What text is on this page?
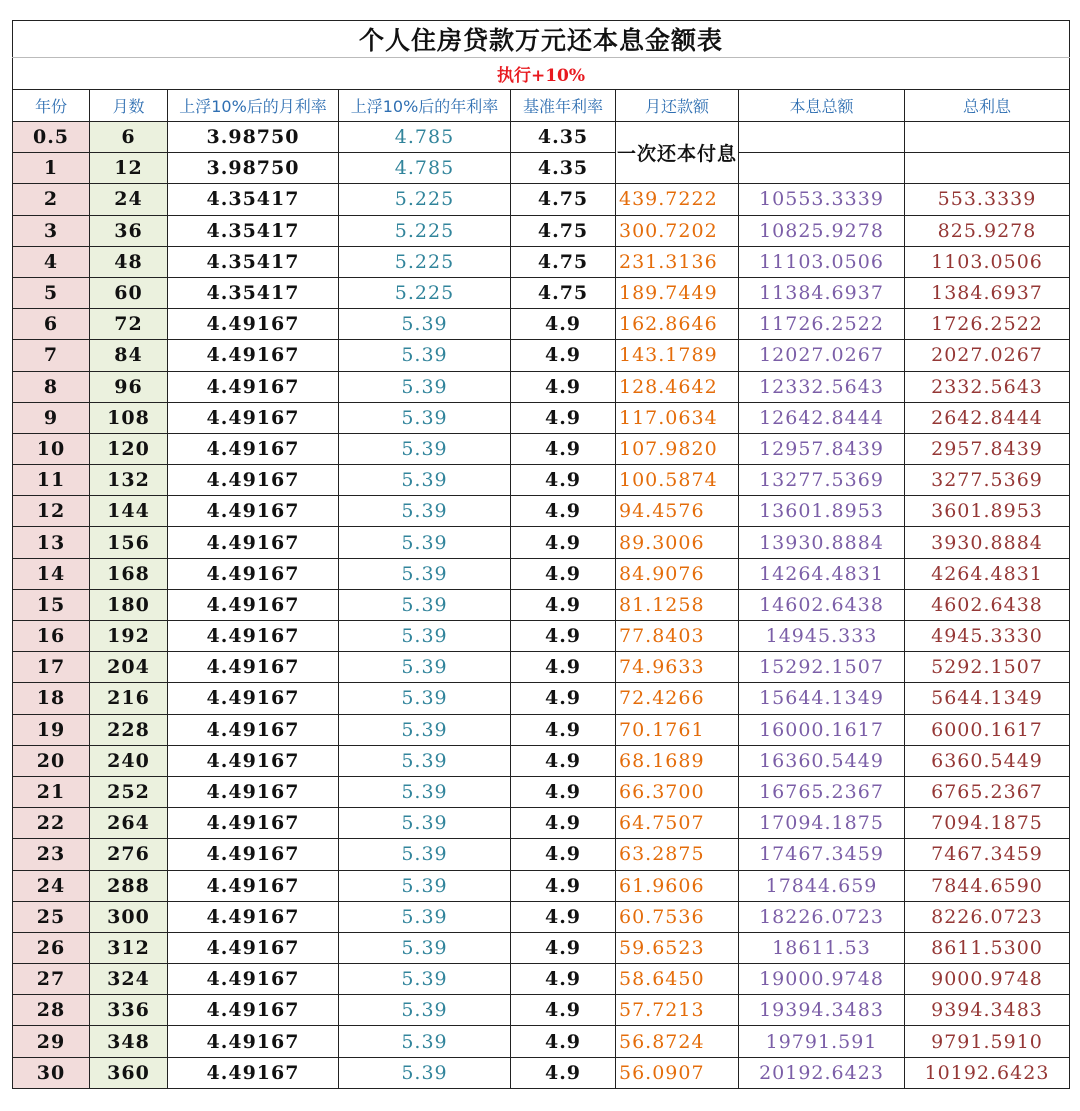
个人住房贷款万元还本息金额表							
执行+10%							
年份	月数	上浮10%后的月利率	上浮10%后的年利率	基准年利率	月还款额	本息总额	总利息
0.5	6	3.98750	4.785	4.35	一次还本付息		
1	12	3.98750	4.785	4.35			
2	24	4.35417	5.225	4.75	439.7222	10553.3339	553.3339
3	36	4.35417	5.225	4.75	300.7202	10825.9278	825.9278
4	48	4.35417	5.225	4.75	231.3136	11103.0506	1103.0506
5	60	4.35417	5.225	4.75	189.7449	11384.6937	1384.6937
6	72	4.49167	5.39	4.9	162.8646	11726.2522	1726.2522
7	84	4.49167	5.39	4.9	143.1789	12027.0267	2027.0267
8	96	4.49167	5.39	4.9	128.4642	12332.5643	2332.5643
9	108	4.49167	5.39	4.9	117.0634	12642.8444	2642.8444
10	120	4.49167	5.39	4.9	107.9820	12957.8439	2957.8439
11	132	4.49167	5.39	4.9	100.5874	13277.5369	3277.5369
12	144	4.49167	5.39	4.9	94.4576	13601.8953	3601.8953
13	156	4.49167	5.39	4.9	89.3006	13930.8884	3930.8884
14	168	4.49167	5.39	4.9	84.9076	14264.4831	4264.4831
15	180	4.49167	5.39	4.9	81.1258	14602.6438	4602.6438
16	192	4.49167	5.39	4.9	77.8403	14945.333	4945.3330
17	204	4.49167	5.39	4.9	74.9633	15292.1507	5292.1507
18	216	4.49167	5.39	4.9	72.4266	15644.1349	5644.1349
19	228	4.49167	5.39	4.9	70.1761	16000.1617	6000.1617
20	240	4.49167	5.39	4.9	68.1689	16360.5449	6360.5449
21	252	4.49167	5.39	4.9	66.3700	16765.2367	6765.2367
22	264	4.49167	5.39	4.9	64.7507	17094.1875	7094.1875
23	276	4.49167	5.39	4.9	63.2875	17467.3459	7467.3459
24	288	4.49167	5.39	4.9	61.9606	17844.659	7844.6590
25	300	4.49167	5.39	4.9	60.7536	18226.0723	8226.0723
26	312	4.49167	5.39	4.9	59.6523	18611.53	8611.5300
27	324	4.49167	5.39	4.9	58.6450	19000.9748	9000.9748
28	336	4.49167	5.39	4.9	57.7213	19394.3483	9394.3483
29	348	4.49167	5.39	4.9	56.8724	19791.591	9791.5910
30	360	4.49167	5.39	4.9	56.0907	20192.6423	10192.6423
